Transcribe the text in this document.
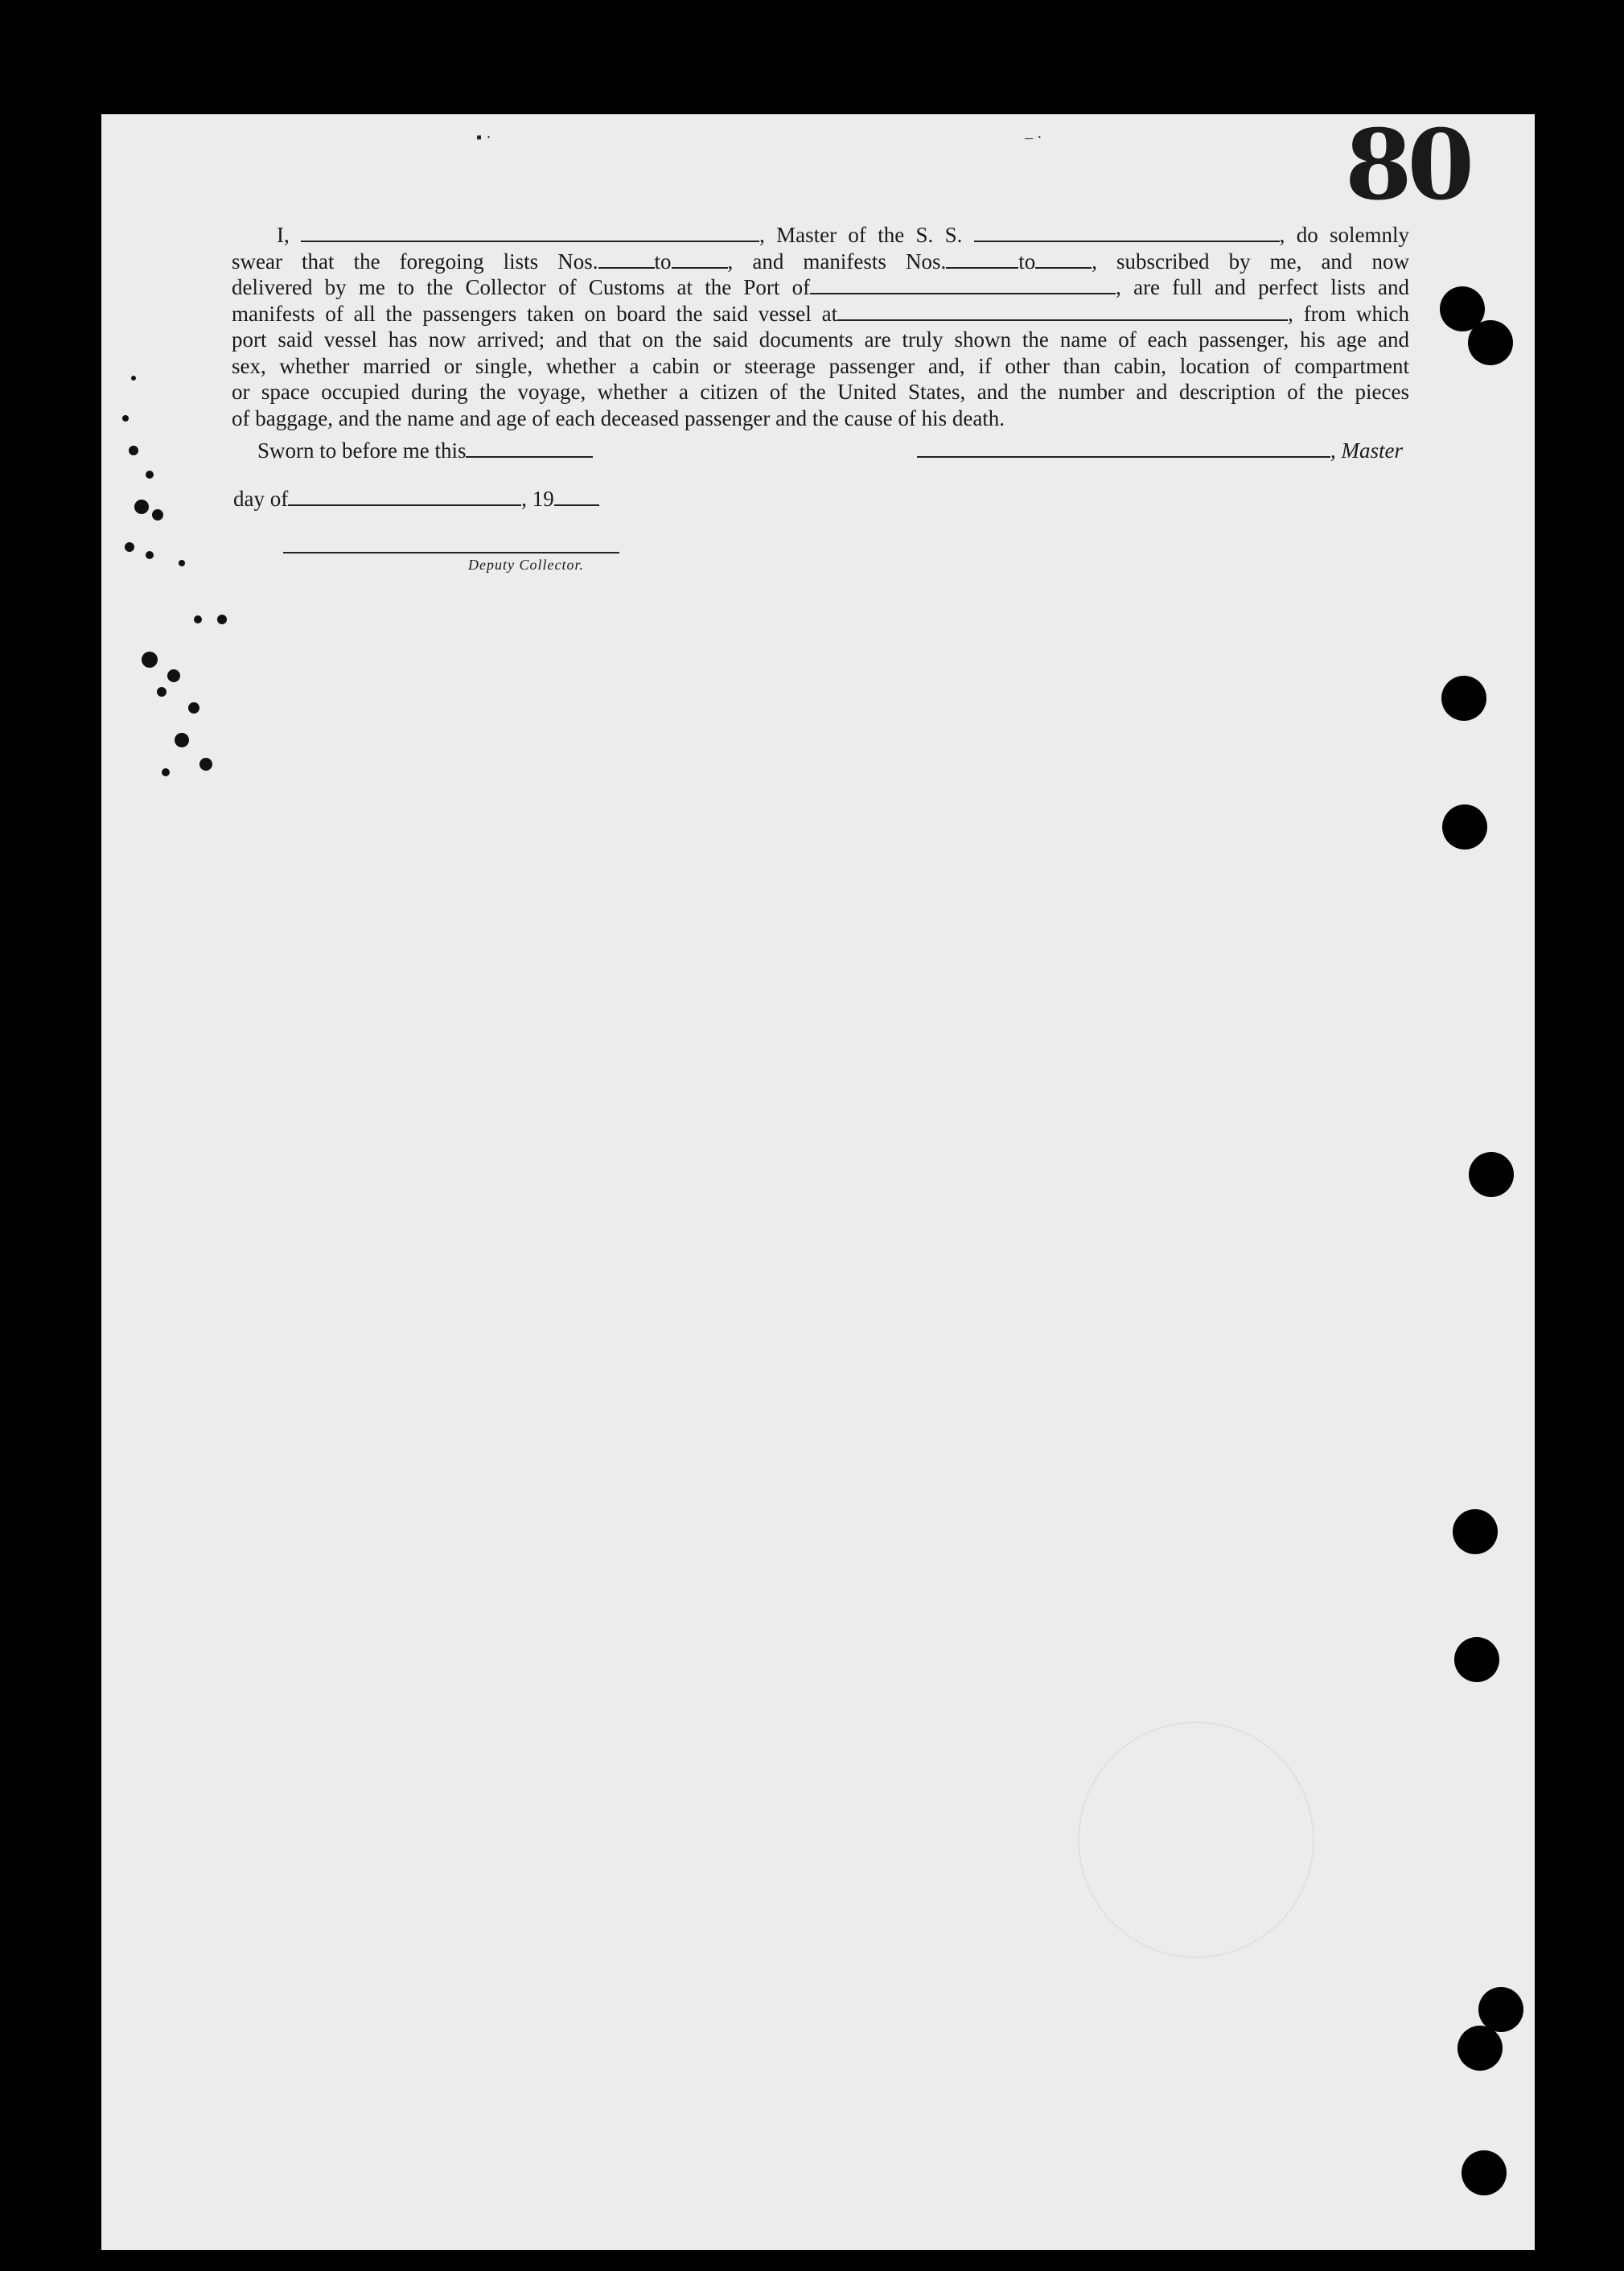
▪ ·	– ·	80
I,	, Master of the S. S.	, do solemnly
swear that the foregoing lists Nos.	to	, and manifests Nos.	to	, subscribed by me, and now
delivered by me to the Collector of Customs at the Port of	, are full and perfect lists and
manifests of all the passengers taken on board the said vessel at	, from which
port said vessel has now arrived; and that on the said documents are truly shown the name of each passenger, his age and
sex, whether married or single, whether a cabin or steerage passenger and, if other than cabin, location of compartment
or space occupied during the voyage, whether a citizen of the United States, and the number and description of the pieces
of baggage, and the name and age of each deceased passenger and the cause of his death.
Sworn to before me this	, Master
day of	, 19
Deputy Collector.
